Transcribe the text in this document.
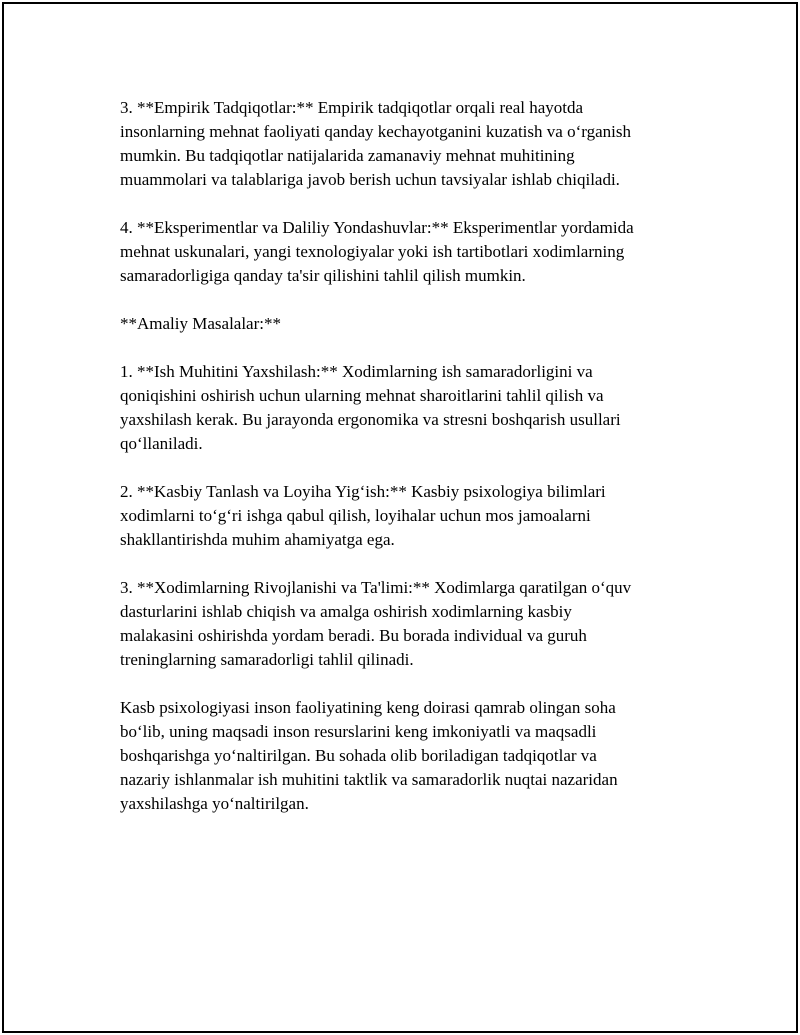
3. **Empirik Tadqiqotlar:** Empirik tadqiqotlar orqali real hayotda
insonlarning mehnat faoliyati qanday kechayotganini kuzatish va o‘rganish
mumkin. Bu tadqiqotlar natijalarida zamanaviy mehnat muhitining
muammolari va talablariga javob berish uchun tavsiyalar ishlab chiqiladi.

4. **Eksperimentlar va Daliliy Yondashuvlar:** Eksperimentlar yordamida
mehnat uskunalari, yangi texnologiyalar yoki ish tartibotlari xodimlarning
samaradorligiga qanday ta'sir qilishini tahlil qilish mumkin.

**Amaliy Masalalar:**

1. **Ish Muhitini Yaxshilash:** Xodimlarning ish samaradorligini va
qoniqishini oshirish uchun ularning mehnat sharoitlarini tahlil qilish va
yaxshilash kerak. Bu jarayonda ergonomika va stresni boshqarish usullari
qo‘llaniladi.

2. **Kasbiy Tanlash va Loyiha Yig‘ish:** Kasbiy psixologiya bilimlari
xodimlarni to‘g‘ri ishga qabul qilish, loyihalar uchun mos jamoalarni
shakllantirishda muhim ahamiyatga ega.

3. **Xodimlarning Rivojlanishi va Ta'limi:** Xodimlarga qaratilgan o‘quv
dasturlarini ishlab chiqish va amalga oshirish xodimlarning kasbiy
malakasini oshirishda yordam beradi. Bu borada individual va guruh
treninglarning samaradorligi tahlil qilinadi.

Kasb psixologiyasi inson faoliyatining keng doirasi qamrab olingan soha
bo‘lib, uning maqsadi inson resurslarini keng imkoniyatli va maqsadli
boshqarishga yo‘naltirilgan. Bu sohada olib boriladigan tadqiqotlar va
nazariy ishlanmalar ish muhitini taktlik va samaradorlik nuqtai nazaridan
yaxshilashga yo‘naltirilgan.
